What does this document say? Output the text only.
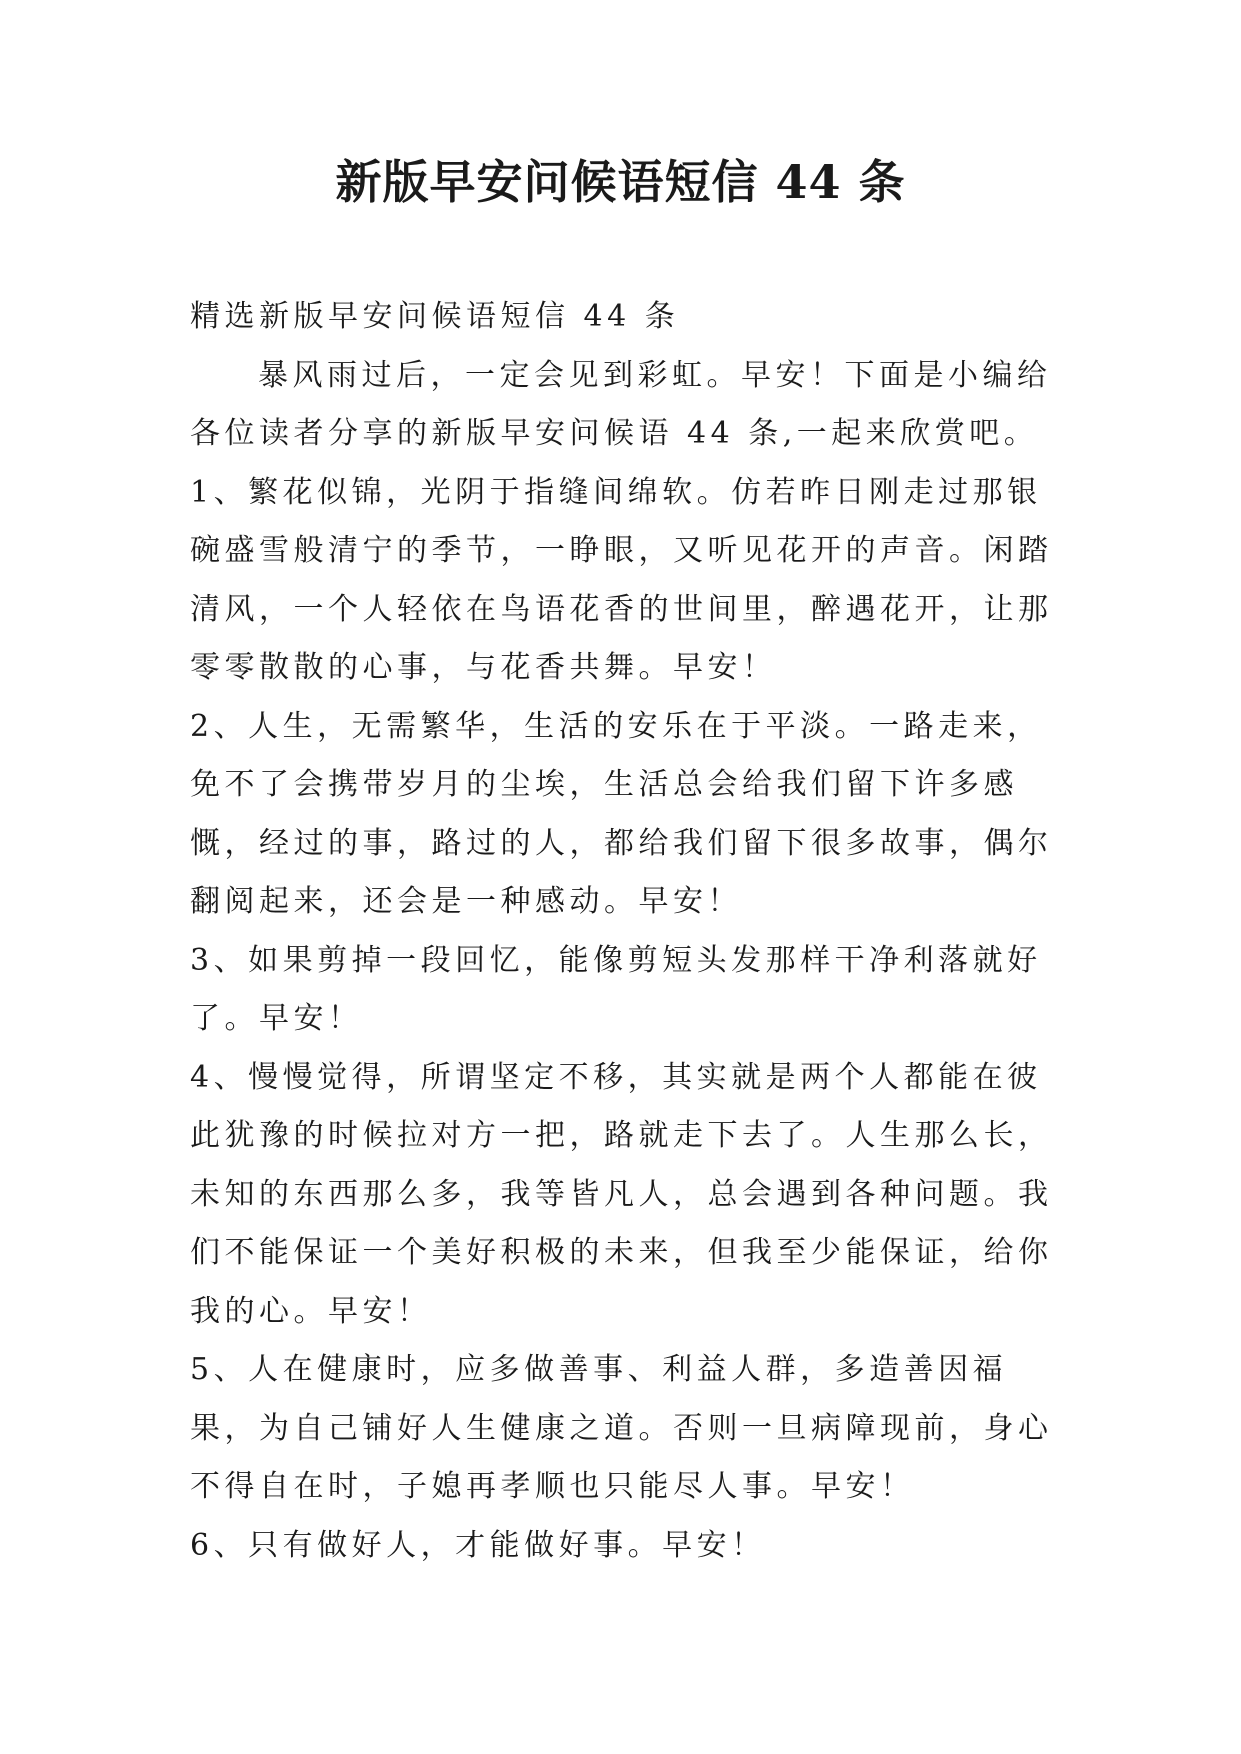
新版早安问候语短信 44 条

精选新版早安问候语短信 44 条

暴风雨过后，一定会见到彩虹。早安！下面是小编给各位读者分享的新版早安问候语 44 条,一起来欣赏吧。

1、繁花似锦，光阴于指缝间绵软。仿若昨日刚走过那银碗盛雪般清宁的季节，一睁眼，又听见花开的声音。闲踏清风，一个人轻依在鸟语花香的世间里，醉遇花开，让那零零散散的心事，与花香共舞。早安！

2、人生，无需繁华，生活的安乐在于平淡。一路走来，免不了会携带岁月的尘埃，生活总会给我们留下许多感慨，经过的事，路过的人，都给我们留下很多故事，偶尔翻阅起来，还会是一种感动。早安！

3、如果剪掉一段回忆，能像剪短头发那样干净利落就好了。早安！

4、慢慢觉得，所谓坚定不移，其实就是两个人都能在彼此犹豫的时候拉对方一把，路就走下去了。人生那么长，未知的东西那么多，我等皆凡人，总会遇到各种问题。我们不能保证一个美好积极的未来，但我至少能保证，给你我的心。早安！

5、人在健康时，应多做善事、利益人群，多造善因福果，为自己铺好人生健康之道。否则一旦病障现前，身心不得自在时，子媳再孝顺也只能尽人事。早安！

6、只有做好人，才能做好事。早安！
